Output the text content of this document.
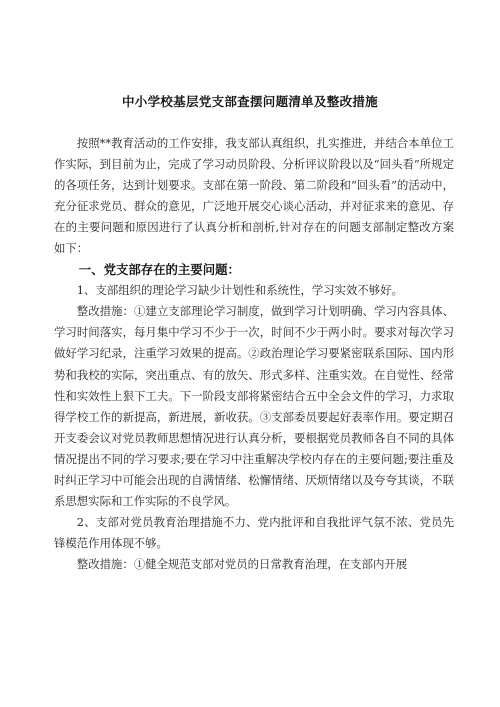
中小学校基层党支部查摆问题清单及整改措施

按照**教育活动的工作安排，我支部认真组织，扎实推进，并结合本单位工作实际，到目前为止，完成了学习动员阶段、分析评议阶段以及“回头看”所规定的各项任务，达到计划要求。支部在第一阶段、第二阶段和“回头看”的活动中，充分征求党员、群众的意见，广泛地开展交心谈心活动，并对征求来的意见、存在的主要问题和原因进行了认真分析和剖析,针对存在的问题支部制定整改方案如下：

一、党支部存在的主要问题：

1、支部组织的理论学习缺少计划性和系统性，学习实效不够好。

整改措施：①建立支部理论学习制度，做到学习计划明确、学习内容具体、学习时间落实，每月集中学习不少于一次，时间不少于两小时。要求对每次学习做好学习纪录，注重学习效果的提高。②政治理论学习要紧密联系国际、国内形势和我校的实际，突出重点、有的放矢、形式多样、注重实效。在自觉性、经常性和实效性上狠下工夫。下一阶段支部将紧密结合五中全会文件的学习，力求取得学校工作的新提高，新进展，新收获。③支部委员要起好表率作用。要定期召开支委会议对党员教师思想情况进行认真分析，要根据党员教师各自不同的具体情况提出不同的学习要求;要在学习中注重解决学校内存在的主要问题;要注重及时纠正学习中可能会出现的自满情绪、松懈情绪、厌烦情绪以及夸夸其谈，不联系思想实际和工作实际的不良学风。

2、支部对党员教育治理措施不力、党内批评和自我批评气氛不浓、党员先锋模范作用体现不够。

整改措施：①健全规范支部对党员的日常教育治理，在支部内开展
